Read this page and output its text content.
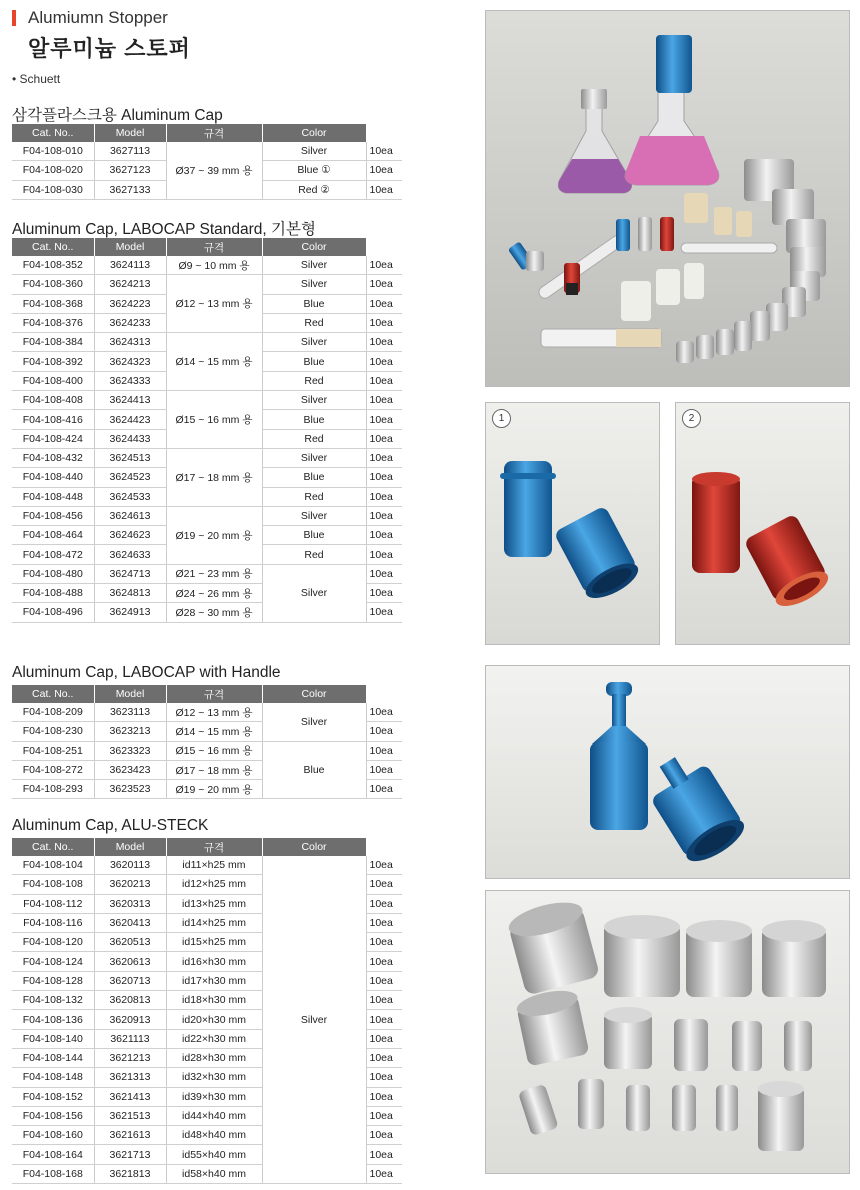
Alumiumn Stopper
알루미늄 스토퍼
• Schuett
삼각플라스크용 Aluminum Cap
Cat. No..	Model	규격	Color	
F04-108-010	3627113	Ø37 ~ 39 mm 용	Silver	10ea
F04-108-020	3627123		Blue ①	10ea
F04-108-030	3627133		Red ②	10ea
Aluminum Cap, LABOCAP Standard, 기본형
Cat. No..	Model	규격	Color	
F04-108-352	3624113	Ø9 ~ 10 mm 용	Silver	10ea
F04-108-360	3624213	Ø12 ~ 13 mm 용	Silver	10ea
F04-108-368	3624223		Blue	10ea
F04-108-376	3624233		Red	10ea
F04-108-384	3624313	Ø14 ~ 15 mm 용	Silver	10ea
F04-108-392	3624323		Blue	10ea
F04-108-400	3624333		Red	10ea
F04-108-408	3624413	Ø15 ~ 16 mm 용	Silver	10ea
F04-108-416	3624423		Blue	10ea
F04-108-424	3624433		Red	10ea
F04-108-432	3624513	Ø17 ~ 18 mm 용	Silver	10ea
F04-108-440	3624523		Blue	10ea
F04-108-448	3624533		Red	10ea
F04-108-456	3624613	Ø19 ~ 20 mm 용	Silver	10ea
F04-108-464	3624623		Blue	10ea
F04-108-472	3624633		Red	10ea
F04-108-480	3624713	Ø21 ~ 23 mm 용	Silver	10ea
F04-108-488	3624813	Ø24 ~ 26 mm 용		10ea
F04-108-496	3624913	Ø28 ~ 30 mm 용		10ea
Aluminum Cap, LABOCAP with Handle
Cat. No..	Model	규격	Color	
F04-108-209	3623113	Ø12 ~ 13 mm 용	Silver	10ea
F04-108-230	3623213	Ø14 ~ 15 mm 용		10ea
F04-108-251	3623323	Ø15 ~ 16 mm 용	Blue	10ea
F04-108-272	3623423	Ø17 ~ 18 mm 용		10ea
F04-108-293	3623523	Ø19 ~ 20 mm 용		10ea
Aluminum Cap, ALU-STECK
Cat. No..	Model	규격	Color	
F04-108-104	3620113	id11×h25 mm	Silver	10ea
F04-108-108	3620213	id12×h25 mm		10ea
F04-108-112	3620313	id13×h25 mm		10ea
F04-108-116	3620413	id14×h25 mm		10ea
F04-108-120	3620513	id15×h25 mm		10ea
F04-108-124	3620613	id16×h30 mm		10ea
F04-108-128	3620713	id17×h30 mm		10ea
F04-108-132	3620813	id18×h30 mm		10ea
F04-108-136	3620913	id20×h30 mm		10ea
F04-108-140	3621113	id22×h30 mm		10ea
F04-108-144	3621213	id28×h30 mm		10ea
F04-108-148	3621313	id32×h30 mm		10ea
F04-108-152	3621413	id39×h30 mm		10ea
F04-108-156	3621513	id44×h40 mm		10ea
F04-108-160	3621613	id48×h40 mm		10ea
F04-108-164	3621713	id55×h40 mm		10ea
F04-108-168	3621813	id58×h40 mm		10ea
1	2
